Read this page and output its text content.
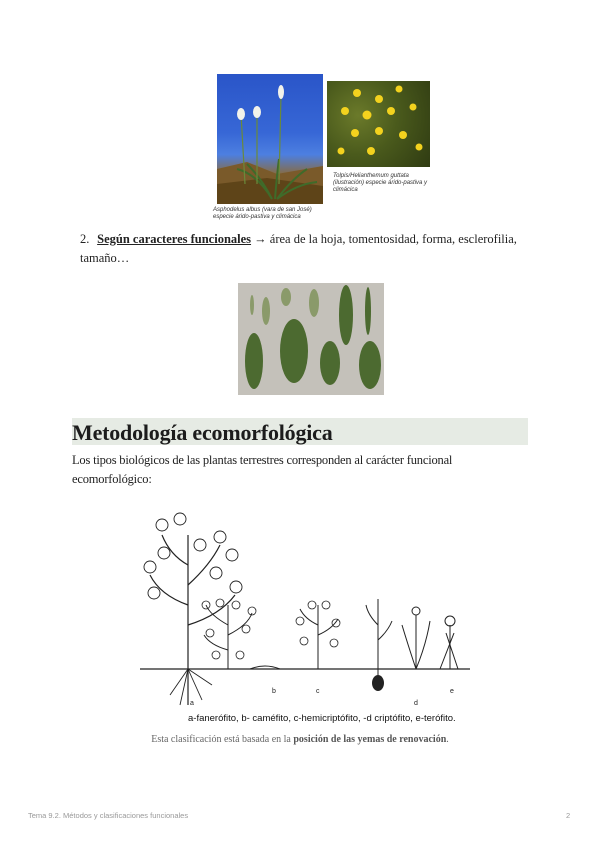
Asphodelus albus (vara de san José) especie árido-pastiva y climácica
Tolpis/Helianthemum guttata (ilustración) especie árido-pastiva y climácica
2. Según caracteres funcionales → área de la hoja, tomentosidad, forma, esclerofilia, tamaño…
Metodología ecomorfológica
Los tipos biológicos de las plantas terrestres corresponden al carácter funcional ecomorfológico:
a
b	c
d
e
a-fanerófito, b- caméfito, c-hemicriptófito, -d criptófito, e-terófito.
Esta clasificación está basada en la posición de las yemas de renovación.
Tema 9.2. Métodos y clasificaciones funcionales	2
